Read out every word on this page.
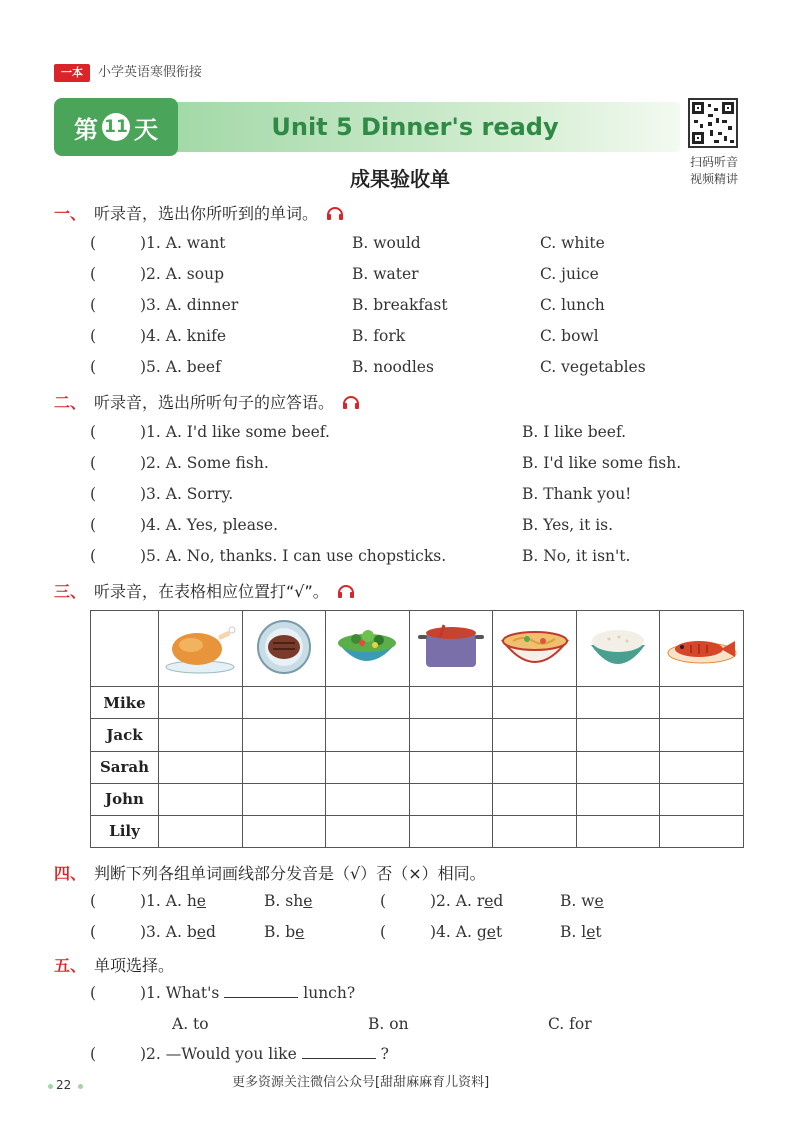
一本	小学英语寒假衔接
第 11 天	Unit 5 Dinner's ready
扫码听音
视频精讲
成果验收单
一、 听录音，选出你所听到的单词。
(	)1. A. want	B. would	C. white
(	)2. A. soup	B. water	C. juice
(	)3. A. dinner	B. breakfast	C. lunch
(	)4. A. knife	B. fork	C. bowl
(	)5. A. beef	B. noodles	C. vegetables
二、 听录音，选出所听句子的应答语。
(	)1. A. I'd like some beef.	B. I like beef.
(	)2. A. Some fish.	B. I'd like some fish.
(	)3. A. Sorry.	B. Thank you!
(	)4. A. Yes, please.	B. Yes, it is.
(	)5. A. No, thanks. I can use chopsticks.	B. No, it isn't.
三、 听录音，在表格相应位置打“√”。

Mike							
Jack							
Sarah							
John							
Lily							
四、 判断下列各组单词画线部分发音是（√）否（×）相同。
(	)1. A. he	B. she	(	)2. A. red	B. we
(	)3. A. bed	B. be	(	)4. A. get	B. let
五、 单项选择。
(	)1. What's	lunch?
A. to	B. on	C. for
(	)2. —Would you like	?
22	更多资源关注微信公众号[甜甜麻麻育儿资料]
